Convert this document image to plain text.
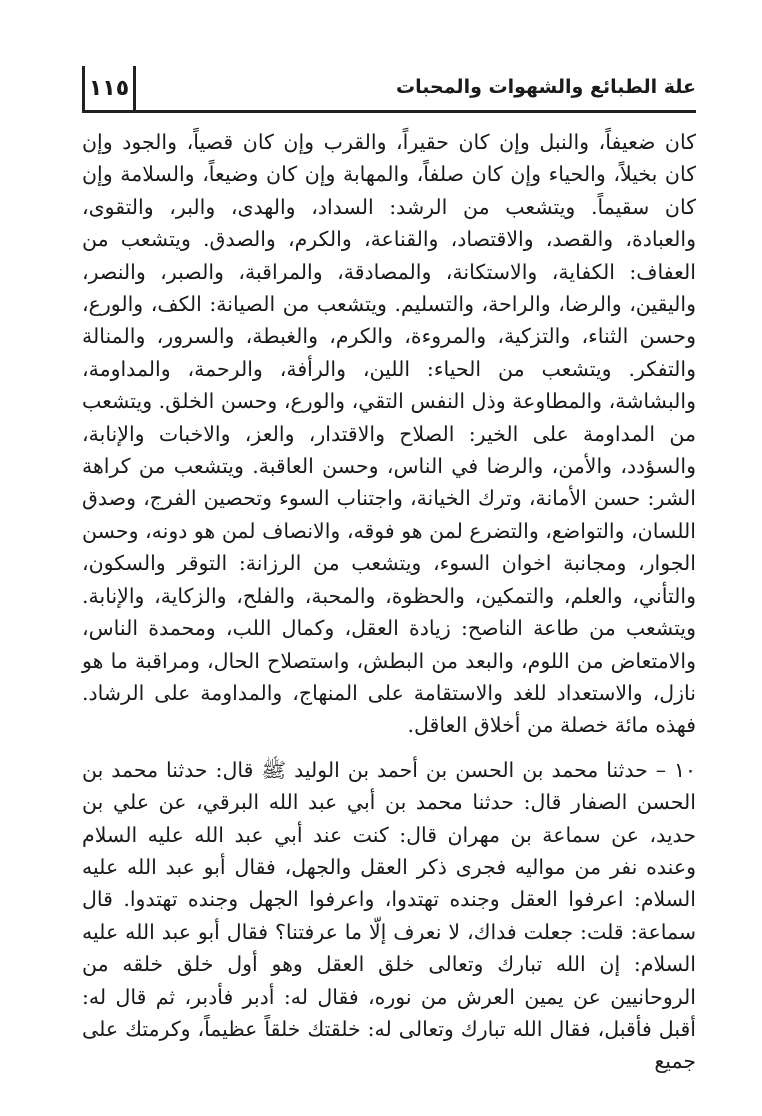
١١٥	علة الطبائع والشهوات والمحبات

كان ضعيفاً، والنبل وإن كان حقيراً، والقرب وإن كان قصياً، والجود وإن كان بخيلاً، والحياء وإن كان صلفاً، والمهابة وإن كان وضيعاً، والسلامة وإن كان سقيماً. ويتشعب من الرشد: السداد، والهدى، والبر، والتقوى، والعبادة، والقصد، والاقتصاد، والقناعة، والكرم، والصدق. ويتشعب من العفاف: الكفاية، والاستكانة، والمصادقة، والمراقبة، والصبر، والنصر، واليقين، والرضا، والراحة، والتسليم. ويتشعب من الصيانة: الكف، والورع، وحسن الثناء، والتزكية، والمروءة، والكرم، والغبطة، والسرور، والمنالة والتفكر. ويتشعب من الحياء: اللين، والرأفة، والرحمة، والمداومة، والبشاشة، والمطاوعة وذل النفس التقي، والورع، وحسن الخلق. ويتشعب من المداومة على الخير: الصلاح والاقتدار، والعز، والاخبات والإنابة، والسؤدد، والأمن، والرضا في الناس، وحسن العاقبة. ويتشعب من كراهة الشر: حسن الأمانة، وترك الخيانة، واجتناب السوء وتحصين الفرج، وصدق اللسان، والتواضع، والتضرع لمن هو فوقه، والانصاف لمن هو دونه، وحسن الجوار، ومجانبة اخوان السوء، ويتشعب من الرزانة: التوقر والسكون، والتأني، والعلم، والتمكين، والحظوة، والمحبة، والفلح، والزكاية، والإنابة. ويتشعب من طاعة الناصح: زيادة العقل، وكمال اللب، ومحمدة الناس، والامتعاض من اللوم، والبعد من البطش، واستصلاح الحال، ومراقبة ما هو نازل، والاستعداد للغد والاستقامة على المنهاج، والمداومة على الرشاد. فهذه مائة خصلة من أخلاق العاقل.

١٠ – حدثنا محمد بن الحسن بن أحمد بن الوليد ﷺ قال: حدثنا محمد بن الحسن الصفار قال: حدثنا محمد بن أبي عبد الله البرقي، عن علي بن حديد، عن سماعة بن مهران قال: كنت عند أبي عبد الله عليه السلام وعنده نفر من مواليه فجرى ذكر العقل والجهل، فقال أبو عبد الله عليه السلام: اعرفوا العقل وجنده تهتدوا، واعرفوا الجهل وجنده تهتدوا. قال سماعة: قلت: جعلت فداك، لا نعرف إلّا ما عرفتنا؟ فقال أبو عبد الله عليه السلام: إن الله تبارك وتعالى خلق العقل وهو أول خلق خلقه من الروحانيين عن يمين العرش من نوره، فقال له: أدبر فأدبر، ثم قال له: أقبل فأقبل، فقال الله تبارك وتعالى له: خلقتك خلقاً عظيماً، وكرمتك على جميع
